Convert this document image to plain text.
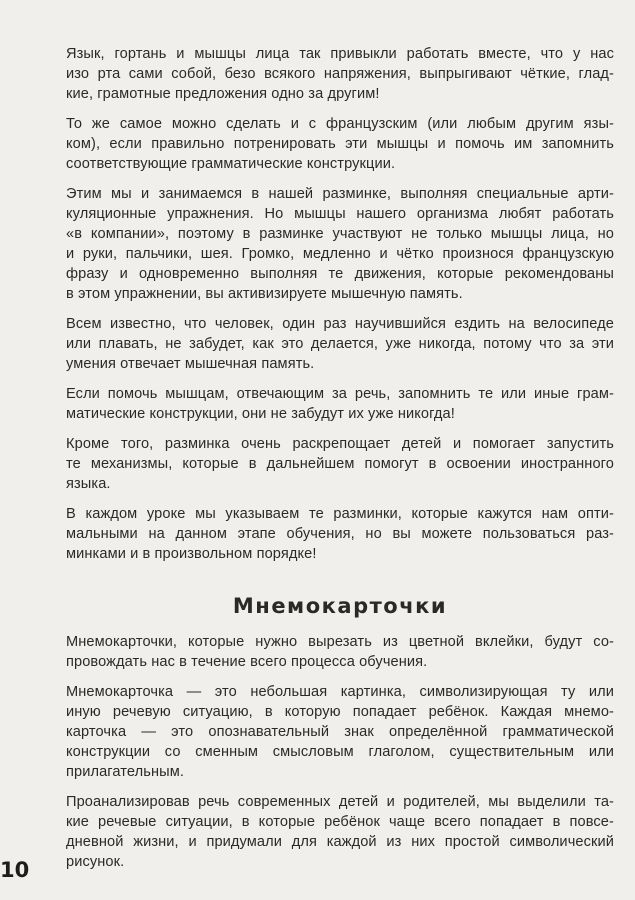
Язык, гортань и мышцы лица так привыкли работать вместе, что у нас
изо рта сами собой, безо всякого напряжения, выпрыгивают чёткие, глад-
кие, грамотные предложения одно за другим!

То же самое можно сделать и с французским (или любым другим язы-
ком), если правильно потренировать эти мышцы и помочь им запомнить
соответствующие грамматические конструкции.

Этим мы и занимаемся в нашей разминке, выполняя специальные арти-
куляционные упражнения. Но мышцы нашего организма любят работать
«в компании», поэтому в разминке участвуют не только мышцы лица, но
и руки, пальчики, шея. Громко, медленно и чётко произнося французскую
фразу и одновременно выполняя те движения, которые рекомендованы
в этом упражнении, вы активизируете мышечную память.

Всем известно, что человек, один раз научившийся ездить на велосипеде
или плавать, не забудет, как это делается, уже никогда, потому что за эти
умения отвечает мышечная память.

Если помочь мышцам, отвечающим за речь, запомнить те или иные грам-
матические конструкции, они не забудут их уже никогда!

Кроме того, разминка очень раскрепощает детей и помогает запустить
те механизмы, которые в дальнейшем помогут в освоении иностранного
языка.

В каждом уроке мы указываем те разминки, которые кажутся нам опти-
мальными на данном этапе обучения, но вы можете пользоваться раз-
минками и в произвольном порядке!

Мнемокарточки

Мнемокарточки, которые нужно вырезать из цветной вклейки, будут со-
провождать нас в течение всего процесса обучения.

Мнемокарточка — это небольшая картинка, символизирующая ту или
иную речевую ситуацию, в которую попадает ребёнок. Каждая мнемо-
карточка — это опознавательный знак определённой грамматической
конструкции со сменным смысловым глаголом, существительным или
прилагательным.

Проанализировав речь современных детей и родителей, мы выделили та-
кие речевые ситуации, в которые ребёнок чаще всего попадает в повсе-
дневной жизни, и придумали для каждой из них простой символический
рисунок.

10
